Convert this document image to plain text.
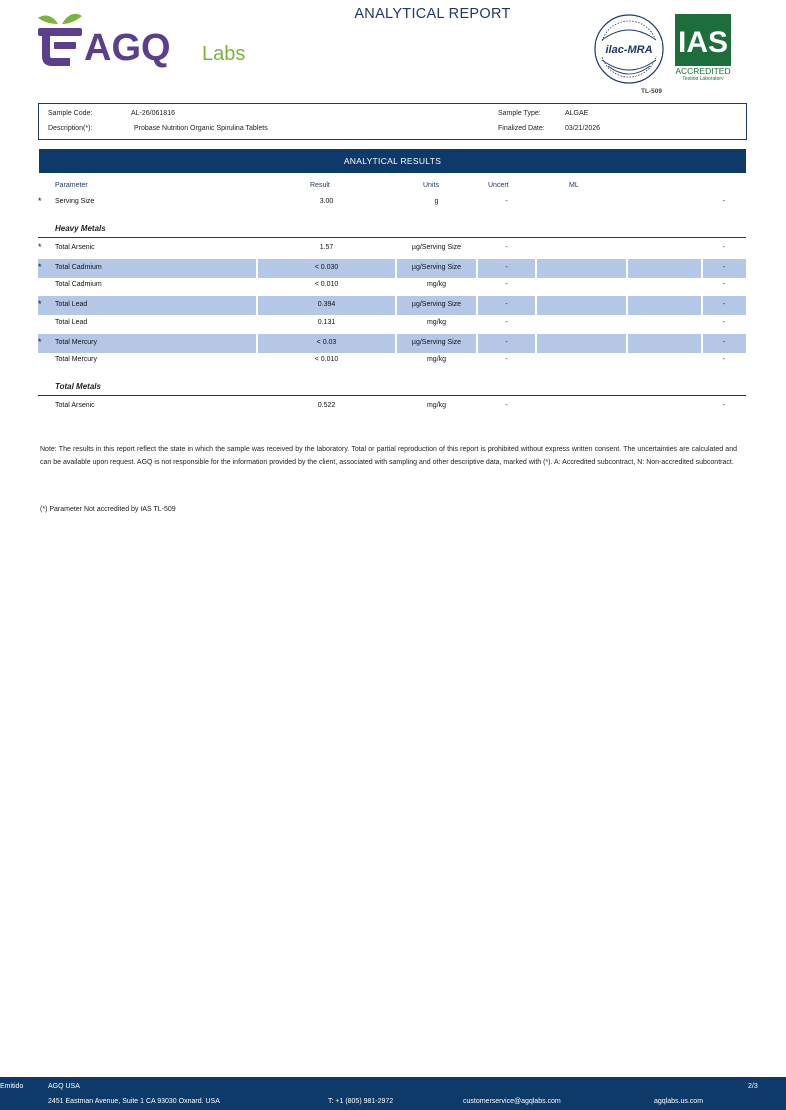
AGQ Labs
ANALYTICAL REPORT
ilac-MRA
TL-509
IAS
ACCREDITED
Testing Laboratory
Sample Code:	AL-26/061816
Description(*):	Probase Nutrition Organic Spirulina Tablets
Sample Type:	ALGAE
Finalized Date:	03/21/2026
ANALYTICAL RESULTS
Parameter	Result	Units	Uncert	ML
* Serving Size	3.00	g	-	-
Heavy Metals
* Total Arsenic	1.57	µg/Serving Size	-	-
* Total Cadmium	< 0.030	µg/Serving Size	-	-
Total Cadmium	< 0.010	mg/kg	-	-
* Total Lead	0.394	µg/Serving Size	-	-
Total Lead	0.131	mg/kg	-	-
* Total Mercury	< 0.03	µg/Serving Size	-	-
Total Mercury	< 0.010	mg/kg	-	-
Total Metals
Total Arsenic	0.522	mg/kg	-	-

Note: The results in this report reflect the state in which the sample was received by the laboratory. Total or partial reproduction of this report is prohibited without express written consent. The uncertainties are calculated and can be available upon request. AGQ is not responsible for the information provided by the client, associated with sampling and other descriptive data, marked with (*). A: Accredited subcontract, N: Non-accredited subcontract.

(*) Parameter Not accredited by IAS TL-509

Emitido	AGQ USA
2451 Eastman Avenue, Suite 1 CA 93030 Oxnard. USA	T: +1 (805) 981-2972	customerservice@agqlabs.com	agqlabs.us.com
2/3
